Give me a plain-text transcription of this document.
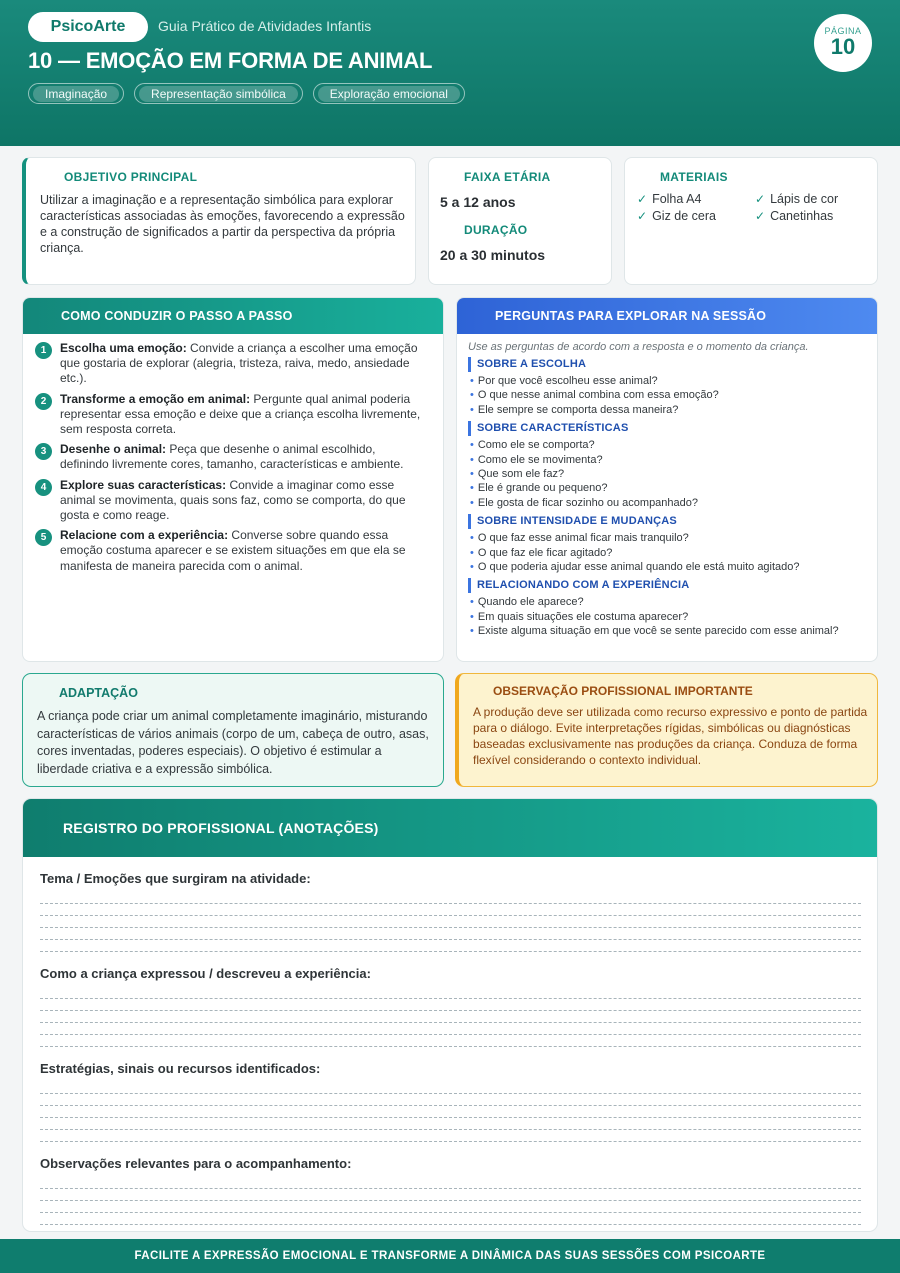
PsicoArte	Guia Prático de Atividades Infantis
10 — EMOÇÃO EM FORMA DE ANIMAL
Imaginação	Representação simbólica	Exploração emocional
PÁGINA
10
OBJETIVO PRINCIPAL
Utilizar a imaginação e a representação simbólica para explorar características associadas às emoções, favorecendo a expressão e a construção de significados a partir da perspectiva da própria criança.
FAIXA ETÁRIA
5 a 12 anos
DURAÇÃO
20 a 30 minutos
MATERIAIS
✓ Folha A4	✓ Lápis de cor
✓ Giz de cera	✓ Canetinhas
COMO CONDUZIR O PASSO A PASSO
1	Escolha uma emoção: Convide a criança a escolher uma emoção que gostaria de explorar (alegria, tristeza, raiva, medo, ansiedade etc.).
2	Transforme a emoção em animal: Pergunte qual animal poderia representar essa emoção e deixe que a criança escolha livremente, sem resposta correta.
3	Desenhe o animal: Peça que desenhe o animal escolhido, definindo livremente cores, tamanho, características e ambiente.
4	Explore suas características: Convide a imaginar como esse animal se movimenta, quais sons faz, como se comporta, do que gosta e como reage.
5	Relacione com a experiência: Converse sobre quando essa emoção costuma aparecer e se existem situações em que ela se manifesta de maneira parecida com o animal.
PERGUNTAS PARA EXPLORAR NA SESSÃO
Use as perguntas de acordo com a resposta e o momento da criança.
SOBRE A ESCOLHA
• Por que você escolheu esse animal?
• O que nesse animal combina com essa emoção?
• Ele sempre se comporta dessa maneira?
SOBRE CARACTERÍSTICAS
• Como ele se comporta?
• Como ele se movimenta?
• Que som ele faz?
• Ele é grande ou pequeno?
• Ele gosta de ficar sozinho ou acompanhado?
SOBRE INTENSIDADE E MUDANÇAS
• O que faz esse animal ficar mais tranquilo?
• O que faz ele ficar agitado?
• O que poderia ajudar esse animal quando ele está muito agitado?
RELACIONANDO COM A EXPERIÊNCIA
• Quando ele aparece?
• Em quais situações ele costuma aparecer?
• Existe alguma situação em que você se sente parecido com esse animal?
ADAPTAÇÃO
A criança pode criar um animal completamente imaginário, misturando características de vários animais (corpo de um, cabeça de outro, asas, cores inventadas, poderes especiais). O objetivo é estimular a liberdade criativa e a expressão simbólica.
OBSERVAÇÃO PROFISSIONAL IMPORTANTE
A produção deve ser utilizada como recurso expressivo e ponto de partida para o diálogo. Evite interpretações rígidas, simbólicas ou diagnósticas baseadas exclusivamente nas produções da criança. Conduza de forma flexível considerando o contexto individual.
REGISTRO DO PROFISSIONAL (ANOTAÇÕES)
Tema / Emoções que surgiram na atividade:
Como a criança expressou / descreveu a experiência:
Estratégias, sinais ou recursos identificados:
Observações relevantes para o acompanhamento:
FACILITE A EXPRESSÃO EMOCIONAL E TRANSFORME A DINÂMICA DAS SUAS SESSÕES COM PSICOARTE
